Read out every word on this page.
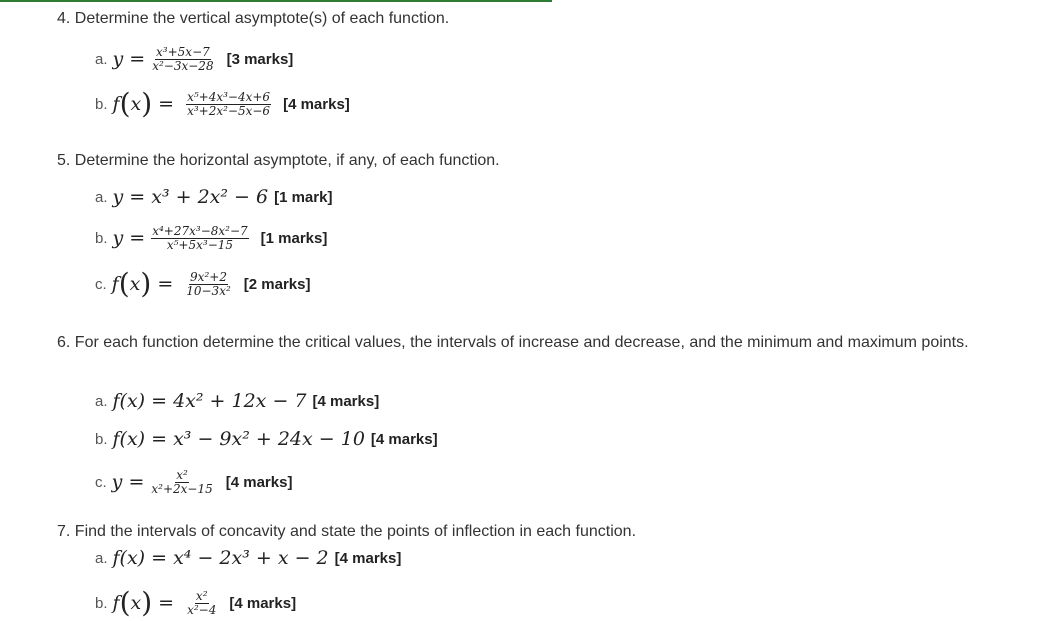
4. Determine the vertical asymptote(s) of each function.
a. $y = \frac{\text{x³+5x−7}}{\text{x²−3x−28}} [3$ marks]
b. f ( x ) = $\frac{\text{x⁵+4x³−4x+6}}{\text{x³+2x²−5x−6}} [4$ marks]
5. Determine the horizontal asymptote, if any, of each function.
a. y = x³ + 2x² − 6 [1 mark]
b. $y = \frac{\text{x⁴+27x³−8x²−7}}{\text{x⁵+5x³−15}} [1$ marks]
c. f ( x ) = $\frac{\text{9x²+2}}{\text{10−3x²}} [2$ marks]
6. For each function determine the critical values, the intervals of increase and decrease, and the minimum and maximum points.
a. f(x) = 4x² + 12x − 7 [4 marks]
b. f(x) = x³ − 9x² + 24x − 10 [4 marks]
c. $y = \frac{\text{x²}}{\text{x²+2x−15}} [4$ marks]
7. Find the intervals of concavity and state the points of inflection in each function.
a. f(x) = x⁴ − 2x³ + x − 2 [4 marks]
b. f ( x ) = $\frac{\text{x²}}{\text{x²−4}} [4$ marks]
